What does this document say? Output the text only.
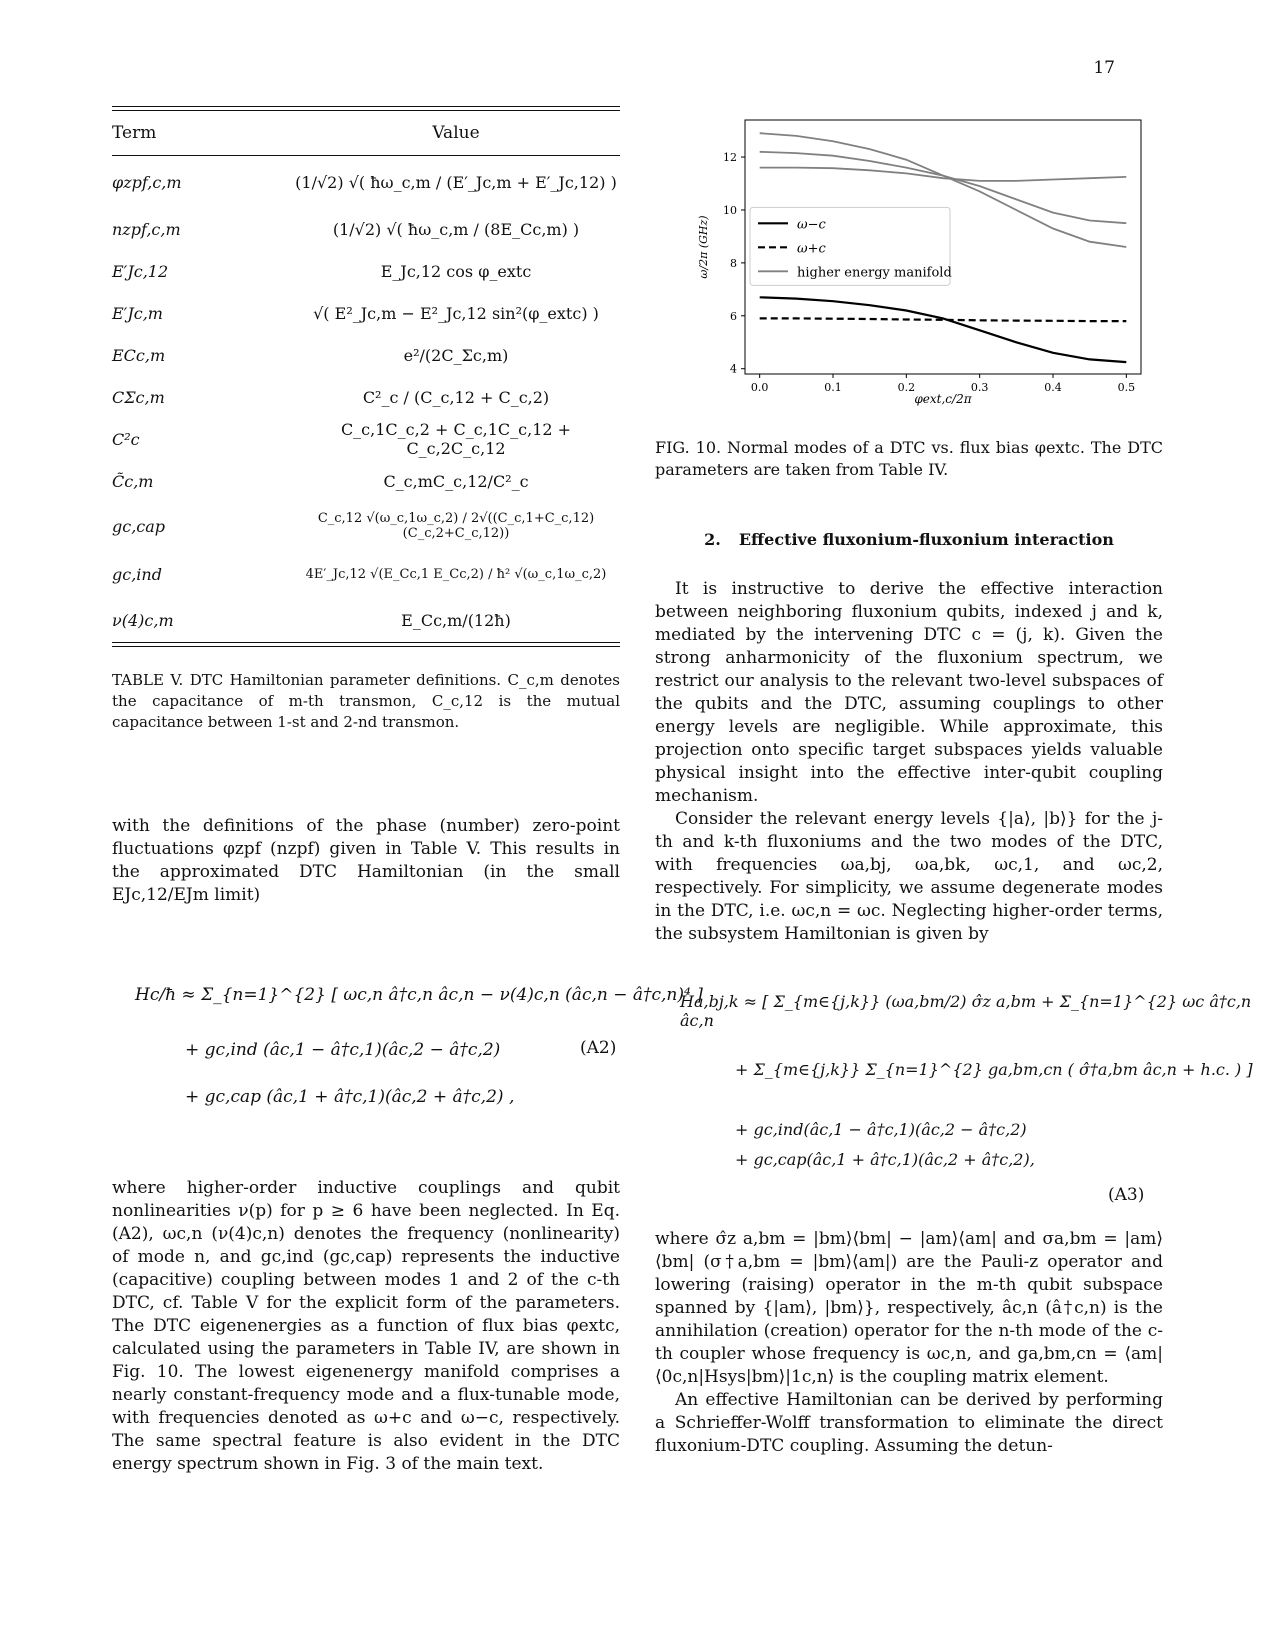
17
Term	Value
φzpf,c,m	(1/√2) √( ħω_c,m / (E′_Jc,m + E′_Jc,12) )
nzpf,c,m	(1/√2) √( ħω_c,m / (8E_Cc,m) )
E′Jc,12	E_Jc,12 cos φ_extc
E′Jc,m	√( E²_Jc,m − E²_Jc,12 sin²(φ_extc) )
ECc,m	e²/(2C_Σc,m)
CΣc,m	C²_c / (C_c,12 + C_c,2)
C²c	C_c,1C_c,2 + C_c,1C_c,12 + C_c,2C_c,12
C̃c,m	C_c,mC_c,12/C²_c
gc,cap	C_c,12 √(ω_c,1ω_c,2) / 2√((C_c,1+C_c,12)(C_c,2+C_c,12))
gc,ind	4E′_Jc,12 √(E_Cc,1 E_Cc,2) / ħ² √(ω_c,1ω_c,2)
ν(4)c,m	E_Cc,m/(12ħ)
TABLE V. DTC Hamiltonian parameter definitions. C_c,m denotes the capacitance of m-th transmon, C_c,12 is the mutual capacitance between 1-st and 2-nd transmon.

with the definitions of the phase (number) zero-point fluctuations φzpf (nzpf) given in Table V. This results in the approximated DTC Hamiltonian (in the small EJc,12/EJm limit)

Hc/ħ ≈ Σ_{n=1}^{2} [ ωc,n â†c,n âc,n − ν(4)c,n (âc,n − â†c,n)⁴ ]
+ gc,ind (âc,1 − â†c,1)(âc,2 − â†c,2)
+ gc,cap (âc,1 + â†c,1)(âc,2 + â†c,2) ,
(A2)

where higher-order inductive couplings and qubit nonlinearities ν(p) for p ≥ 6 have been neglected. In Eq. (A2), ωc,n (ν(4)c,n) denotes the frequency (nonlinearity) of mode n, and gc,ind (gc,cap) represents the inductive (capacitive) coupling between modes 1 and 2 of the c-th DTC, cf. Table V for the explicit form of the parameters. The DTC eigenenergies as a function of flux bias φextc, calculated using the parameters in Table IV, are shown in Fig. 10. The lowest eigenenergy manifold comprises a nearly constant-frequency mode and a flux-tunable mode, with frequencies denoted as ω+c and ω−c, respectively. The same spectral feature is also evident in the DTC energy spectrum shown in Fig. 3 of the main text.

0.0	0.1	0.2	0.3	0.4	0.5
4
6
8
10
12
ω−c
ω+c
higher energy manifold
φext,c/2π
ω/2π (GHz)
FIG. 10. Normal modes of a DTC vs. flux bias φextc. The DTC parameters are taken from Table IV.
2. Effective fluxonium-fluxonium interaction

It is instructive to derive the effective interaction between neighboring fluxonium qubits, indexed j and k, mediated by the intervening DTC c = (j, k). Given the strong anharmonicity of the fluxonium spectrum, we restrict our analysis to the relevant two-level subspaces of the qubits and the DTC, assuming couplings to other energy levels are negligible. While approximate, this projection onto specific target subspaces yields valuable physical insight into the effective inter-qubit coupling mechanism.

Consider the relevant energy levels {|a⟩, |b⟩} for the j-th and k-th fluxoniums and the two modes of the DTC, with frequencies ωa,bj, ωa,bk, ωc,1, and ωc,2, respectively. For simplicity, we assume degenerate modes in the DTC, i.e. ωc,n = ωc. Neglecting higher-order terms, the subsystem Hamiltonian is given by

Ha,bj,k ≈ [ Σ_{m∈{j,k}} (ωa,bm/2) σ̂z a,bm + Σ_{n=1}^{2} ωc â†c,n âc,n
+ Σ_{m∈{j,k}} Σ_{n=1}^{2} ga,bm,cn ( σ̂†a,bm âc,n + h.c. ) ]
+ gc,ind(âc,1 − â†c,1)(âc,2 − â†c,2)
+ gc,cap(âc,1 + â†c,1)(âc,2 + â†c,2),
(A3)

where σ̂z a,bm = |bm⟩⟨bm| − |am⟩⟨am| and σa,bm = |am⟩⟨bm| (σ†a,bm = |bm⟩⟨am|) are the Pauli-z operator and lowering (raising) operator in the m-th qubit subspace spanned by {|am⟩, |bm⟩}, respectively, âc,n (â†c,n) is the annihilation (creation) operator for the n-th mode of the c-th coupler whose frequency is ωc,n, and ga,bm,cn = ⟨am|⟨0c,n|Hsys|bm⟩|1c,n⟩ is the coupling matrix element.

An effective Hamiltonian can be derived by performing a Schrieffer-Wolff transformation to eliminate the direct fluxonium-DTC coupling. Assuming the detun-
